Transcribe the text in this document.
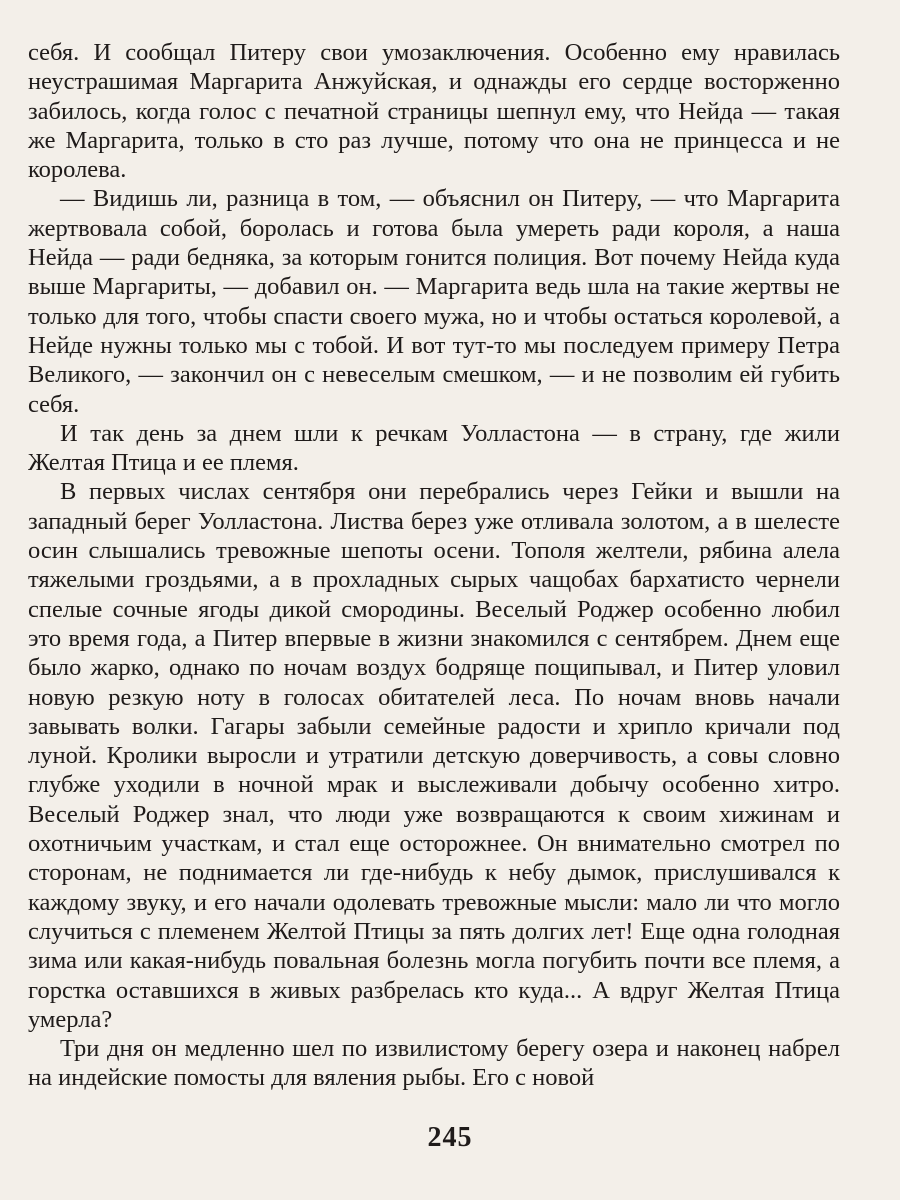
себя. И сообщал Питеру свои умозаключения. Особенно ему нравилась неустрашимая Маргарита Анжуйская, и однажды его сердце восторженно забилось, когда голос с печатной страницы шепнул ему, что Нейда — такая же Маргарита, только в сто раз лучше, потому что она не принцесса и не королева.

— Видишь ли, разница в том, — объяснил он Питеру, — что Маргарита жертвовала собой, боролась и готова была умереть ради короля, а наша Нейда — ради бедняка, за которым гонится полиция. Вот почему Нейда куда выше Маргариты, — добавил он. — Маргарита ведь шла на такие жертвы не только для того, чтобы спасти своего мужа, но и чтобы остаться королевой, а Нейде нужны только мы с тобой. И вот тут-то мы последуем примеру Петра Великого, — закончил он с невеселым смешком, — и не позволим ей губить себя.

И так день за днем шли к речкам Уолластона — в страну, где жили Желтая Птица и ее племя.

В первых числах сентября они перебрались через Гейки и вышли на западный берег Уолластона. Листва берез уже отливала золотом, а в шелесте осин слышались тревожные шепоты осени. Тополя желтели, рябина алела тяжелыми гроздьями, а в прохладных сырых чащобах бархатисто чернели спелые сочные ягоды дикой смородины. Веселый Роджер особенно любил это время года, а Питер впервые в жизни знакомился с сентябрем. Днем еще было жарко, однако по ночам воздух бодряще пощипывал, и Питер уловил новую резкую ноту в голосах обитателей леса. По ночам вновь начали завывать волки. Гагары забыли семейные радости и хрипло кричали под луной. Кролики выросли и утратили детскую доверчивость, а совы словно глубже уходили в ночной мрак и выслеживали добычу особенно хитро. Веселый Роджер знал, что люди уже возвращаются к своим хижинам и охотничьим участкам, и стал еще осторожнее. Он внимательно смотрел по сторонам, не поднимается ли где-нибудь к небу дымок, прислушивался к каждому звуку, и его начали одолевать тревожные мысли: мало ли что могло случиться с племенем Желтой Птицы за пять долгих лет! Еще одна голодная зима или какая-нибудь повальная болезнь могла погубить почти все племя, а горстка оставшихся в живых разбрелась кто куда... А вдруг Желтая Птица умерла?

Три дня он медленно шел по извилистому берегу озера и наконец набрел на индейские помосты для вяления рыбы. Его с новой

245
